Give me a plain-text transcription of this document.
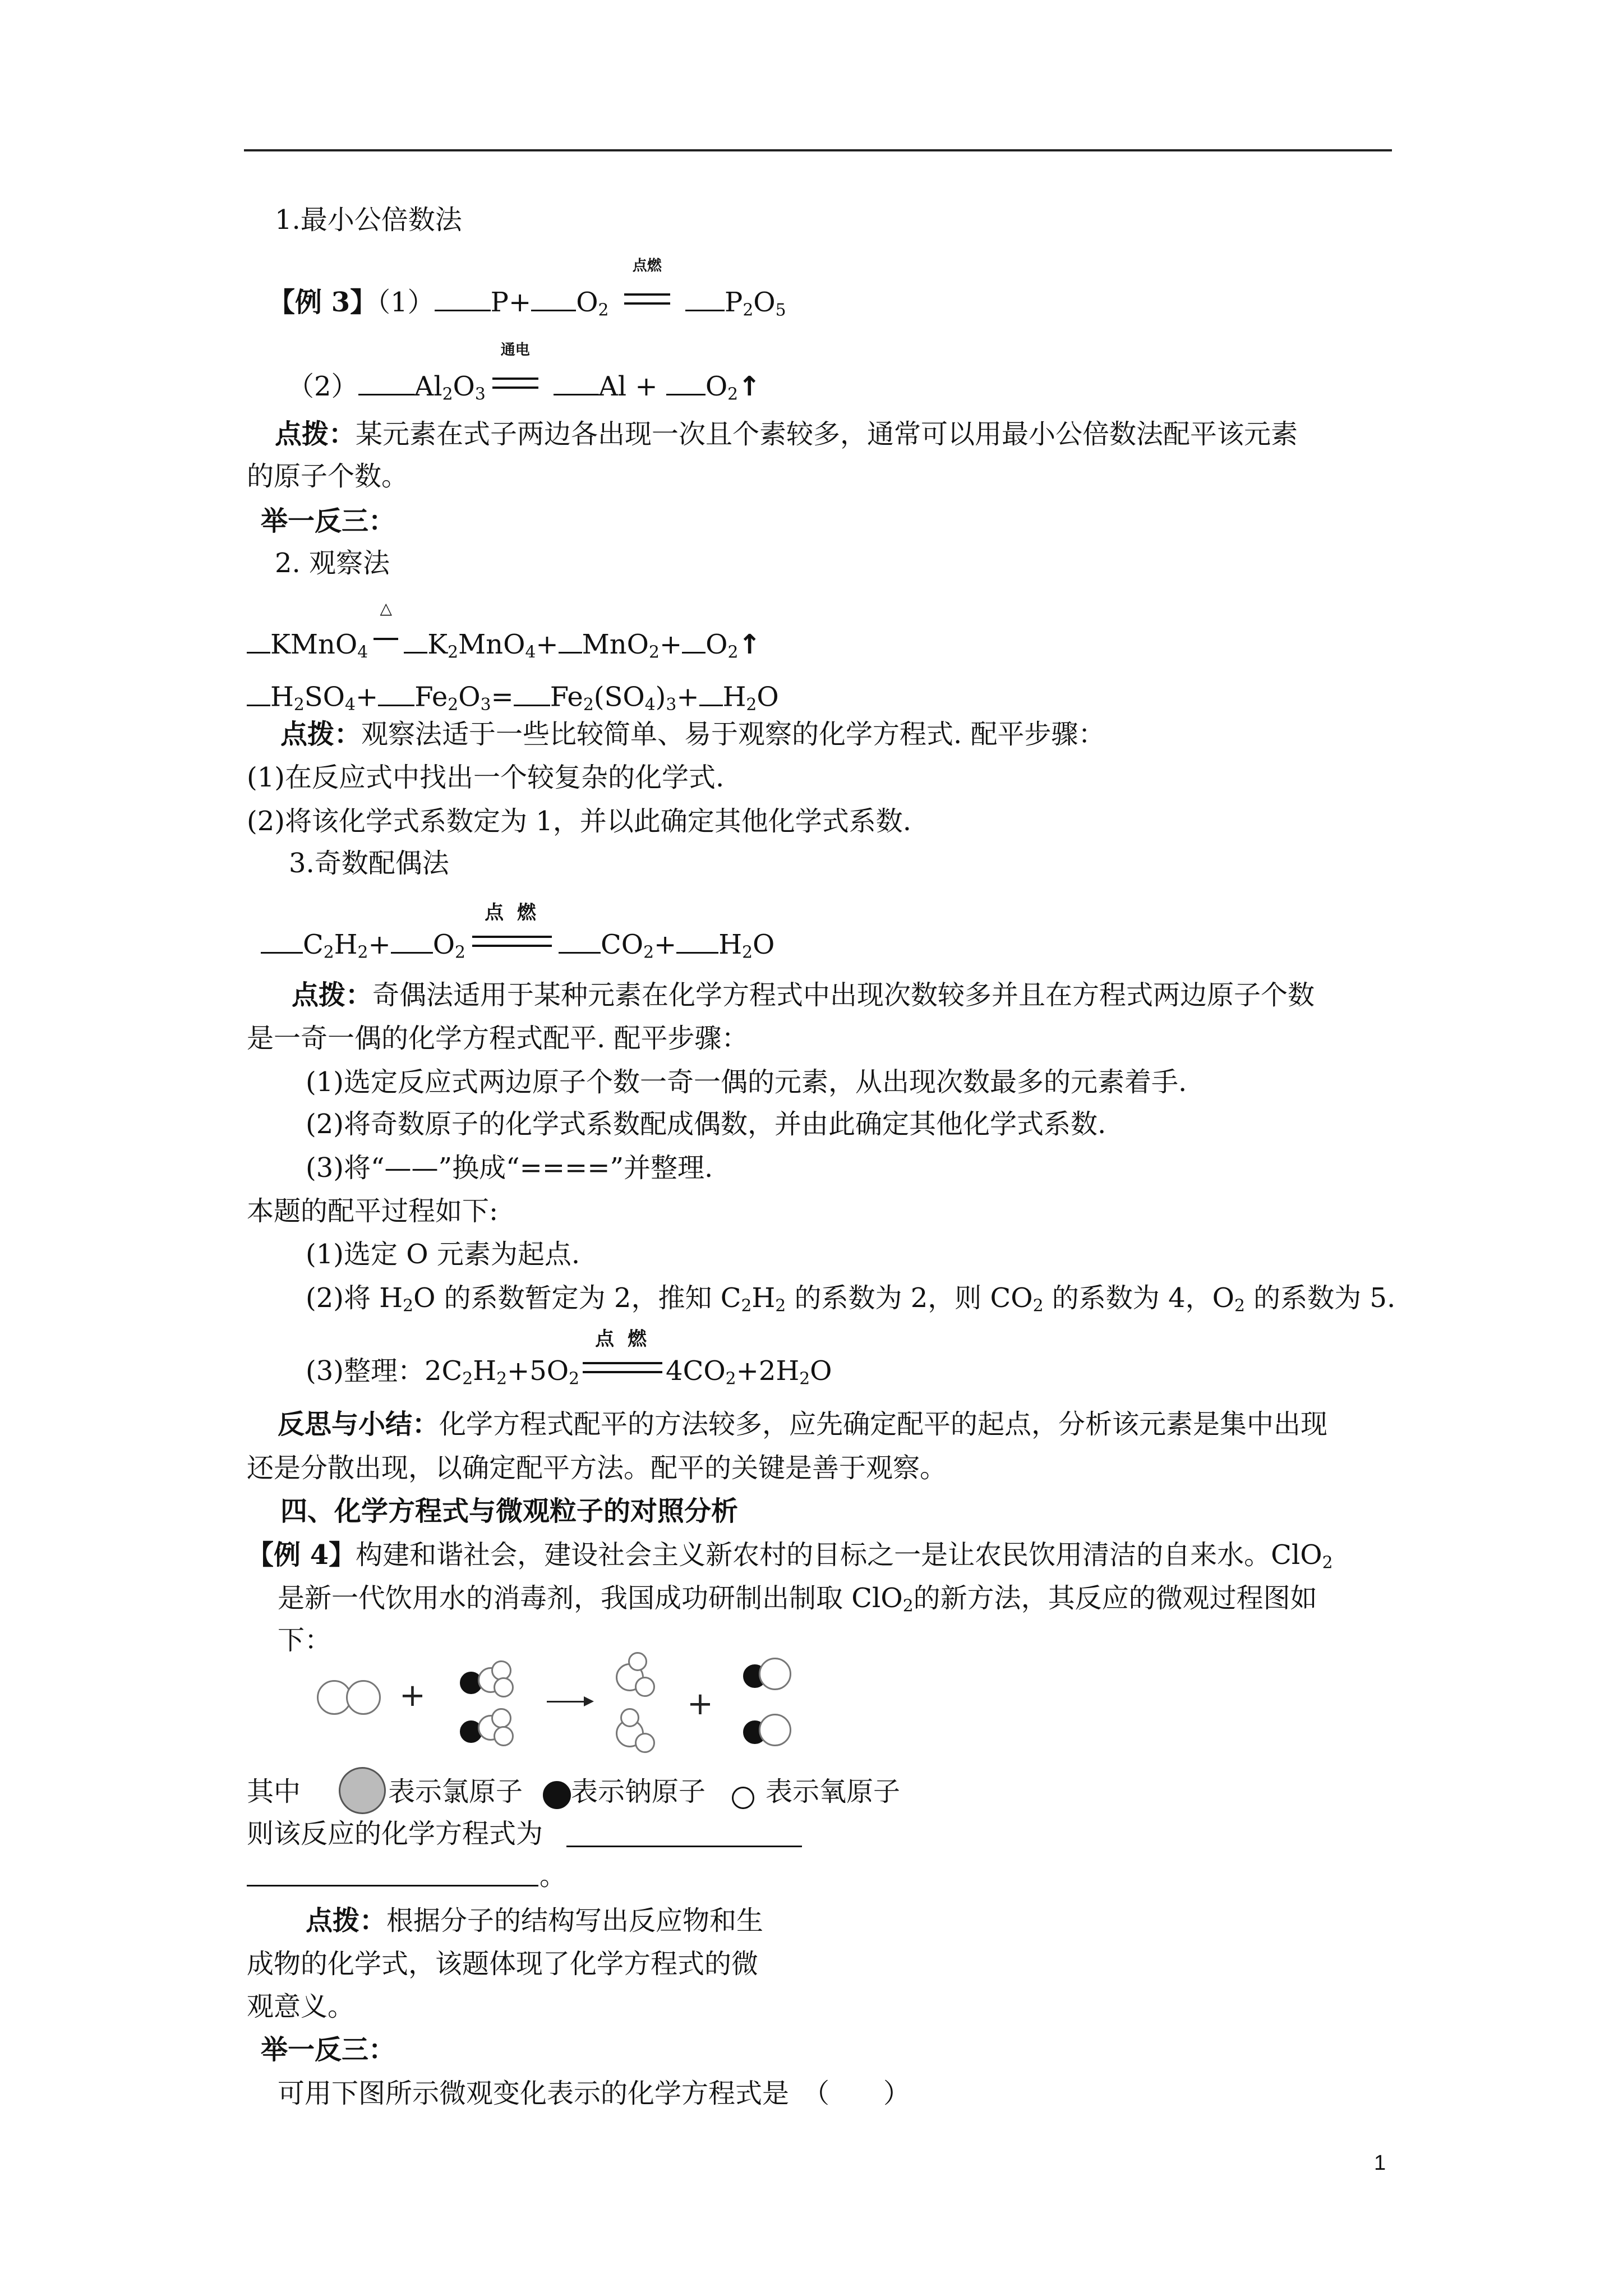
1.最小公倍数法
【例 3】（1） $P+ O_2$
点燃
$P_2O_5$
（2） $Al_2O_3$
通电
$Al + O_2↑$
点拨：某元素在式子两边各出现一次且个素较多，通常可以用最小公倍数法配平该元素
的原子个数。
举一反三：
2. 观察法
KMnO$_4$
△
$K_2MnO_4+ MnO_2+$ $O_2↑$
$H_2SO_4+ Fe_2O_3= Fe_2(SO_4)_3+ H_2O$
点拨：观察法适于一些比较简单、易于观察的化学方程式. 配平步骤：
(1)在反应式中找出一个较复杂的化学式.
(2)将该化学式系数定为 1，并以此确定其他化学式系数.
3.奇数配偶法
$C_2H_2+ O_2$
点 燃
$CO_2+ H_2O$
点拨：奇偶法适用于某种元素在化学方程式中出现次数较多并且在方程式两边原子个数
是一奇一偶的化学方程式配平. 配平步骤：
(1)选定反应式两边原子个数一奇一偶的元素，从出现次数最多的元素着手.
(2)将奇数原子的化学式系数配成偶数，并由此确定其他化学式系数.
(3)将“——”换成“====”并整理.
本题的配平过程如下:
(1)选定 O 元素为起点.
(2)将 $H_2O$ 的系数暂定为 2，推知 $C_2H_2$ 的系数为 2，则 $CO_2$ 的系数为 4，$O_2$ 的系数为 5.
(3)整理：$2C_2H_2+5O_2$
点 燃
$4CO_2+2H_2O$
反思与小结：化学方程式配平的方法较多，应先确定配平的起点，分析该元素是集中出现
还是分散出现，以确定配平方法。配平的关键是善于观察。
四、化学方程式与微观粒子的对照分析
【例 4】构建和谐社会，建设社会主义新农村的目标之一是让农民饮用清洁的自来水。ClO$_2$
是新一代饮用水的消毒剂，我国成功研制出制取 ClO$_2$的新方法，其反应的微观过程图如
下：
+	+
其中	表示氯原子 表示钠原子 表示氧原子
则该反应的化学方程式为
。
点拨：根据分子的结构写出反应物和生
成物的化学式，该题体现了化学方程式的微
观意义。
举一反三：
可用下图所示微观变化表示的化学方程式是　（　　）
1
